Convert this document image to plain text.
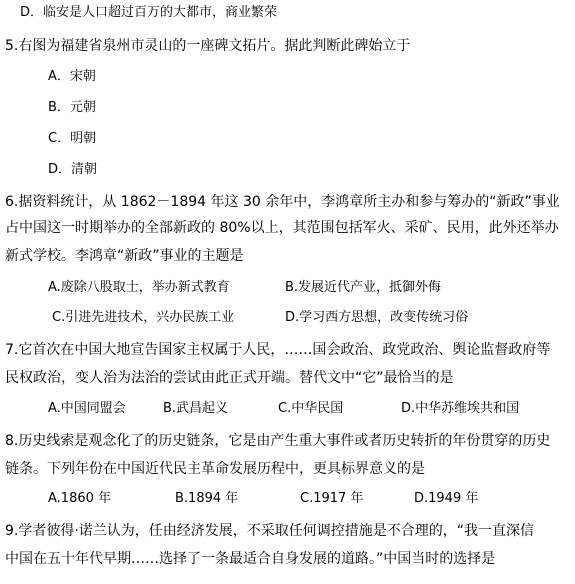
D．临安是人口超过百万的大都市，商业繁荣
5.右图为福建省泉州市灵山的一座碑文拓片。据此判断此碑始立于
A．宋朝
B．元朝
C．明朝
D．清朝
6.据资料统计，从 1862－1894 年这 30 余年中，李鸿章所主办和参与筹办的“新政”事业
占中国这一时期举办的全部新政的 80%以上，其范围包括军火、采矿、民用，此外还举办
新式学校。李鸿章“新政”事业的主题是
A.废除八股取士，举办新式教育	B.发展近代产业，抵御外侮
C.引进先进技术，兴办民族工业	D.学习西方思想，改变传统习俗
7.它首次在中国大地宣告国家主权属于人民，……国会政治、政党政治、舆论监督政府等
民权政治，变人治为法治的尝试由此正式开端。替代文中“它”最恰当的是
A.中国同盟会	B.武昌起义	C.中华民国	D.中华苏维埃共和国
8.历史线索是观念化了的历史链条，它是由产生重大事件或者历史转折的年份贯穿的历史
链条。下列年份在中国近代民主革命发展历程中，更具标界意义的是
A.1860 年	B.1894 年	C.1917 年	D.1949 年
9.学者彼得·诺兰认为，任由经济发展，不采取任何调控措施是不合理的，“我一直深信
中国在五十年代早期……选择了一条最适合自身发展的道路。”中国当时的选择是
